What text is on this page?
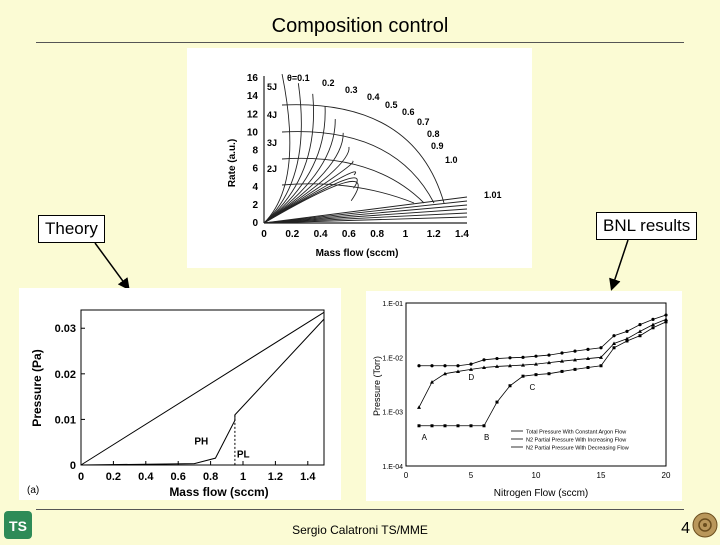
Composition control
0
2
4
6
8
10
12
14
16
0 0.2 0.4 0.6 0.8 1 1.2 1.4
5J
4J
3J
2J
θ=0.1 0.2
0.3
0.4
0.5
0.6
0.7
0.8
0.9
1.0
1.01
Rate (a.u.)
Mass flow (sccm)
Theory	BNL results
0 0.2 0.4 0.6 0.8 1 1.2 1.4
0
0.01
0.02
0.03
PH
PL
Mass flow (sccm)
Pressure (Pa)
(a)
0	5	10	15	20
1.E-04
1.E-03
1.E-02
1.E-01
A	B
C
D
Total Pressure With Constant Argon Flow
N2 Partial Pressure With Increasing Flow
N2 Partial Pressure With Decreasing Flow
Nitrogen Flow (sccm)
Pressure (Torr)
TS	Sergio Calatroni TS/MME	4
